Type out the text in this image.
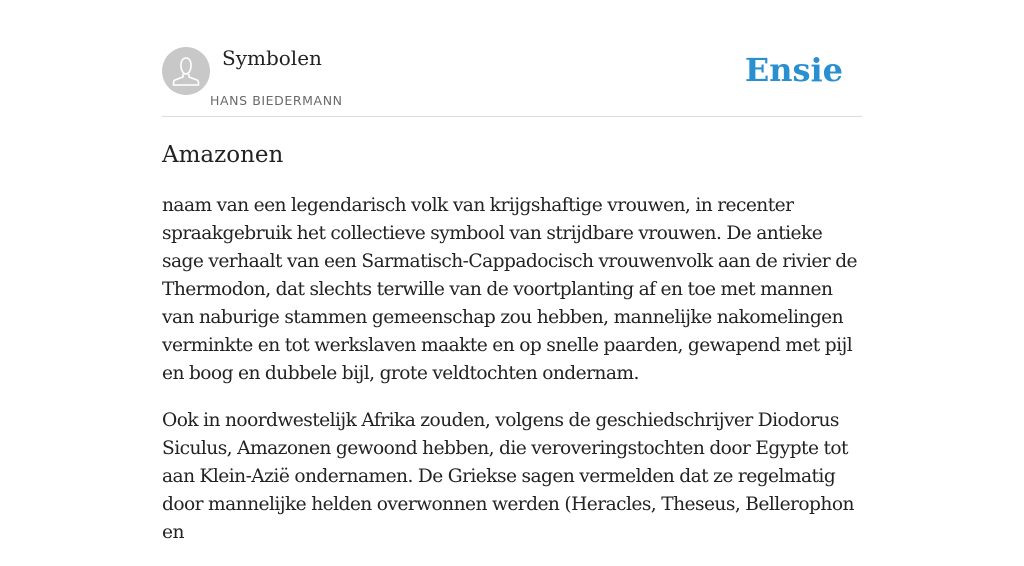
Symbolen
HANS BIEDERMANN
Ensie
Amazonen

naam van een legendarisch volk van krijgshaftige vrouwen, in recenter spraakgebruik het collectieve symbool van strijdbare vrouwen. De antieke sage verhaalt van een Sarmatisch-Cappadocisch vrouwenvolk aan de rivier de Thermodon, dat slechts terwille van de voortplanting af en toe met mannen van naburige stammen gemeenschap zou hebben, mannelijke nakomelingen verminkte en tot werkslaven maakte en op snelle paarden, gewapend met pijl en boog en dubbele bijl, grote veldtochten ondernam.

Ook in noordwestelijk Afrika zouden, volgens de geschiedschrijver Diodorus Siculus, Amazonen gewoond hebben, die veroveringstochten door Egypte tot aan Klein-Azië ondernamen. De Griekse sagen vermelden dat ze regelmatig door mannelijke helden overwonnen werden (Heracles, Theseus, Bellerophon en
